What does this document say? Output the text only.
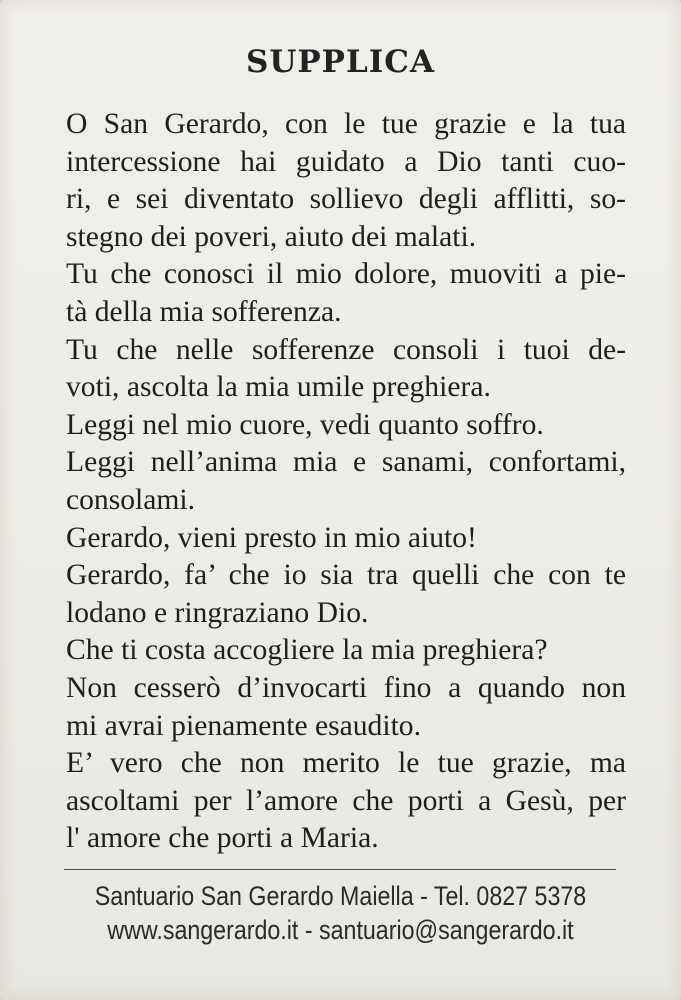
SUPPLICA
O San Gerardo, con le tue grazie e la tua
intercessione hai guidato a Dio tanti cuo-
ri, e sei diventato sollievo degli afflitti, so-
stegno dei poveri, aiuto dei malati.
Tu che conosci il mio dolore, muoviti a pie-
tà della mia sofferenza.
Tu che nelle sofferenze consoli i tuoi de-
voti, ascolta la mia umile preghiera.
Leggi nel mio cuore, vedi quanto soffro.
Leggi nell’anima mia e sanami, confortami,
consolami.
Gerardo, vieni presto in mio aiuto!
Gerardo, fa’ che io sia tra quelli che con te
lodano e ringraziano Dio.
Che ti costa accogliere la mia preghiera?
Non cesserò d’invocarti fino a quando non
mi avrai pienamente esaudito.
E’ vero che non merito le tue grazie, ma
ascoltami per l’amore che porti a Gesù, per
l' amore che porti a Maria.
Santuario San Gerardo Maiella - Tel. 0827 5378
www.sangerardo.it - santuario@sangerardo.it
